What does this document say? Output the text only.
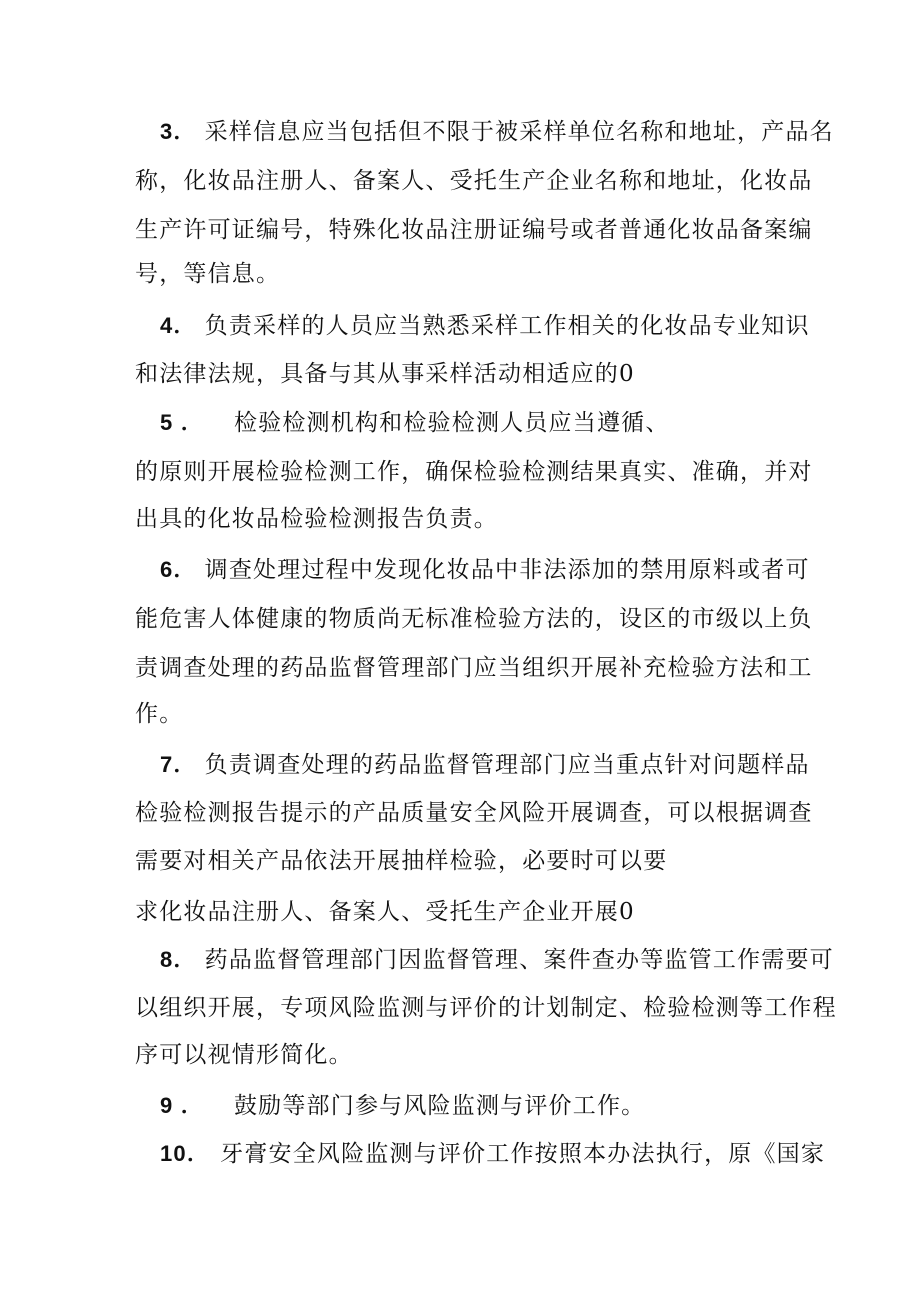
3． 采样信息应当包括但不限于被采样单位名称和地址，产品名
称，化妆品注册人、备案人、受托生产企业名称和地址，化妆品
生产许可证编号，特殊化妆品注册证编号或者普通化妆品备案编
号，等信息。
4． 负责采样的人员应当熟悉采样工作相关的化妆品专业知识
和法律法规，具备与其从事采样活动相适应的0
5 ． 检验检测机构和检验检测人员应当遵循、
的原则开展检验检测工作，确保检验检测结果真实、准确，并对
出具的化妆品检验检测报告负责。
6． 调查处理过程中发现化妆品中非法添加的禁用原料或者可
能危害人体健康的物质尚无标准检验方法的，设区的市级以上负
责调查处理的药品监督管理部门应当组织开展补充检验方法和工
作。
7． 负责调查处理的药品监督管理部门应当重点针对问题样品
检验检测报告提示的产品质量安全风险开展调查，可以根据调查
需要对相关产品依法开展抽样检验，必要时可以要
求化妆品注册人、备案人、受托生产企业开展0
8． 药品监督管理部门因监督管理、案件查办等监管工作需要可
以组织开展，专项风险监测与评价的计划制定、检验检测等工作程
序可以视情形简化。
9 ． 鼓励等部门参与风险监测与评价工作。
10． 牙膏安全风险监测与评价工作按照本办法执行，原《国家
